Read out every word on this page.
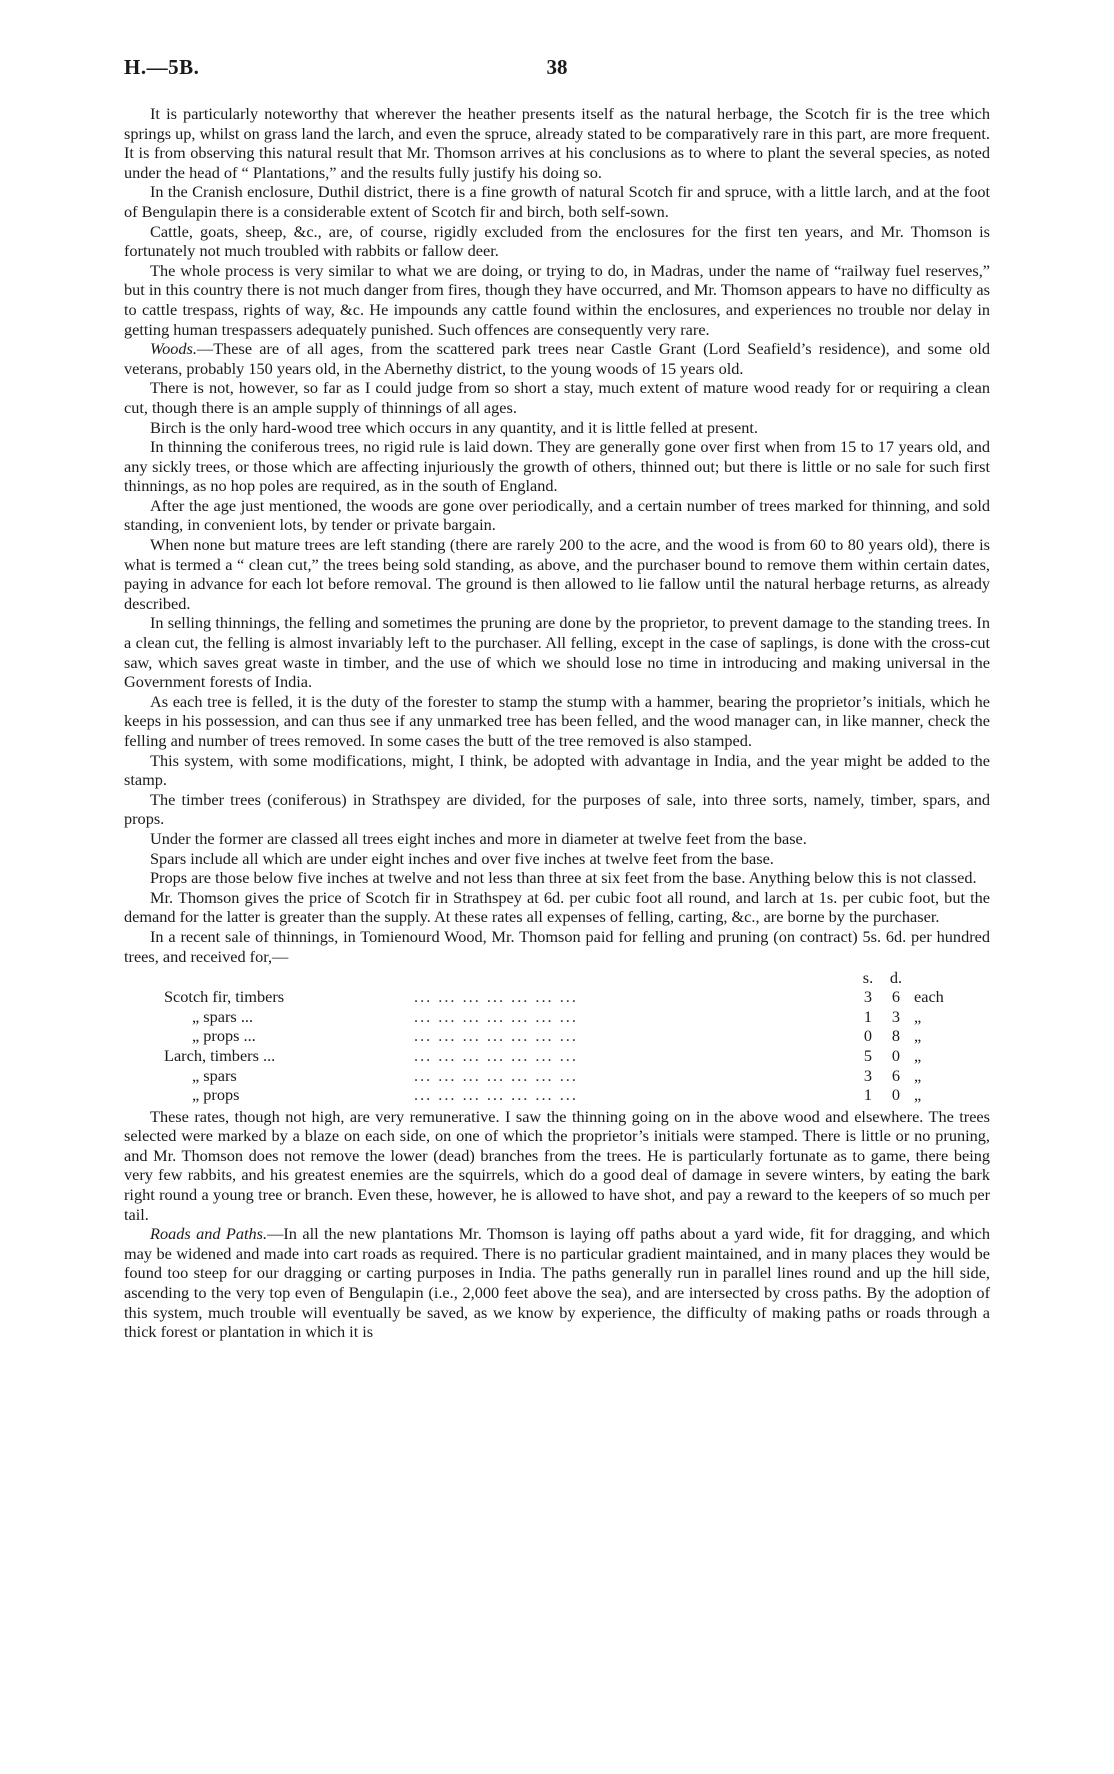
H.—5B.	38

It is particularly noteworthy that wherever the heather presents itself as the natural herbage, the Scotch fir is the tree which springs up, whilst on grass land the larch, and even the spruce, already stated to be comparatively rare in this part, are more frequent. It is from observing this natural result that Mr. Thomson arrives at his conclusions as to where to plant the several species, as noted under the head of “ Plantations,” and the results fully justify his doing so.

In the Cranish enclosure, Duthil district, there is a fine growth of natural Scotch fir and spruce, with a little larch, and at the foot of Bengulapin there is a considerable extent of Scotch fir and birch, both self-sown.

Cattle, goats, sheep, &c., are, of course, rigidly excluded from the enclosures for the first ten years, and Mr. Thomson is fortunately not much troubled with rabbits or fallow deer.

The whole process is very similar to what we are doing, or trying to do, in Madras, under the name of “railway fuel reserves,” but in this country there is not much danger from fires, though they have occurred, and Mr. Thomson appears to have no difficulty as to cattle trespass, rights of way, &c. He impounds any cattle found within the enclosures, and experiences no trouble nor delay in getting human trespassers adequately punished. Such offences are consequently very rare.

Woods.—These are of all ages, from the scattered park trees near Castle Grant (Lord Seafield’s residence), and some old veterans, probably 150 years old, in the Abernethy district, to the young woods of 15 years old.

There is not, however, so far as I could judge from so short a stay, much extent of mature wood ready for or requiring a clean cut, though there is an ample supply of thinnings of all ages.

Birch is the only hard-wood tree which occurs in any quantity, and it is little felled at present.

In thinning the coniferous trees, no rigid rule is laid down. They are generally gone over first when from 15 to 17 years old, and any sickly trees, or those which are affecting injuriously the growth of others, thinned out; but there is little or no sale for such first thinnings, as no hop poles are required, as in the south of England.

After the age just mentioned, the woods are gone over periodically, and a certain number of trees marked for thinning, and sold standing, in convenient lots, by tender or private bargain.

When none but mature trees are left standing (there are rarely 200 to the acre, and the wood is from 60 to 80 years old), there is what is termed a “ clean cut,” the trees being sold standing, as above, and the purchaser bound to remove them within certain dates, paying in advance for each lot before removal. The ground is then allowed to lie fallow until the natural herbage returns, as already described.

In selling thinnings, the felling and sometimes the pruning are done by the proprietor, to prevent damage to the standing trees. In a clean cut, the felling is almost invariably left to the purchaser. All felling, except in the case of saplings, is done with the cross-cut saw, which saves great waste in timber, and the use of which we should lose no time in introducing and making universal in the Government forests of India.

As each tree is felled, it is the duty of the forester to stamp the stump with a hammer, bearing the proprietor’s initials, which he keeps in his possession, and can thus see if any unmarked tree has been felled, and the wood manager can, in like manner, check the felling and number of trees removed. In some cases the butt of the tree removed is also stamped.

This system, with some modifications, might, I think, be adopted with advantage in India, and the year might be added to the stamp.

The timber trees (coniferous) in Strathspey are divided, for the purposes of sale, into three sorts, namely, timber, spars, and props.

Under the former are classed all trees eight inches and more in diameter at twelve feet from the base.

Spars include all which are under eight inches and over five inches at twelve feet from the base.

Props are those below five inches at twelve and not less than three at six feet from the base. Anything below this is not classed.

Mr. Thomson gives the price of Scotch fir in Strathspey at 6d. per cubic foot all round, and larch at 1s. per cubic foot, but the demand for the latter is greater than the supply. At these rates all expenses of felling, carting, &c., are borne by the purchaser.

In a recent sale of thinnings, in Tomienourd Wood, Mr. Thomson paid for felling and pruning (on contract) 5s. 6d. per hundred trees, and received for,—

		s.	d.	
Scotch fir, timbers	... ... ... ... ... ... ...	3	6	each
„ spars ...	... ... ... ... ... ... ...	1	3	„
„ props ...	... ... ... ... ... ... ...	0	8	„
Larch, timbers ...	... ... ... ... ... ... ...	5	0	„
„ spars	... ... ... ... ... ... ...	3	6	„
„ props	... ... ... ... ... ... ...	1	0	„

These rates, though not high, are very remunerative. I saw the thinning going on in the above wood and elsewhere. The trees selected were marked by a blaze on each side, on one of which the proprietor’s initials were stamped. There is little or no pruning, and Mr. Thomson does not remove the lower (dead) branches from the trees. He is particularly fortunate as to game, there being very few rabbits, and his greatest enemies are the squirrels, which do a good deal of damage in severe winters, by eating the bark right round a young tree or branch. Even these, however, he is allowed to have shot, and pay a reward to the keepers of so much per tail.

Roads and Paths.—In all the new plantations Mr. Thomson is laying off paths about a yard wide, fit for dragging, and which may be widened and made into cart roads as required. There is no particular gradient maintained, and in many places they would be found too steep for our dragging or carting purposes in India. The paths generally run in parallel lines round and up the hill side, ascending to the very top even of Bengulapin (i.e., 2,000 feet above the sea), and are intersected by cross paths. By the adoption of this system, much trouble will eventually be saved, as we know by experience, the difficulty of making paths or roads through a thick forest or plantation in which it is
